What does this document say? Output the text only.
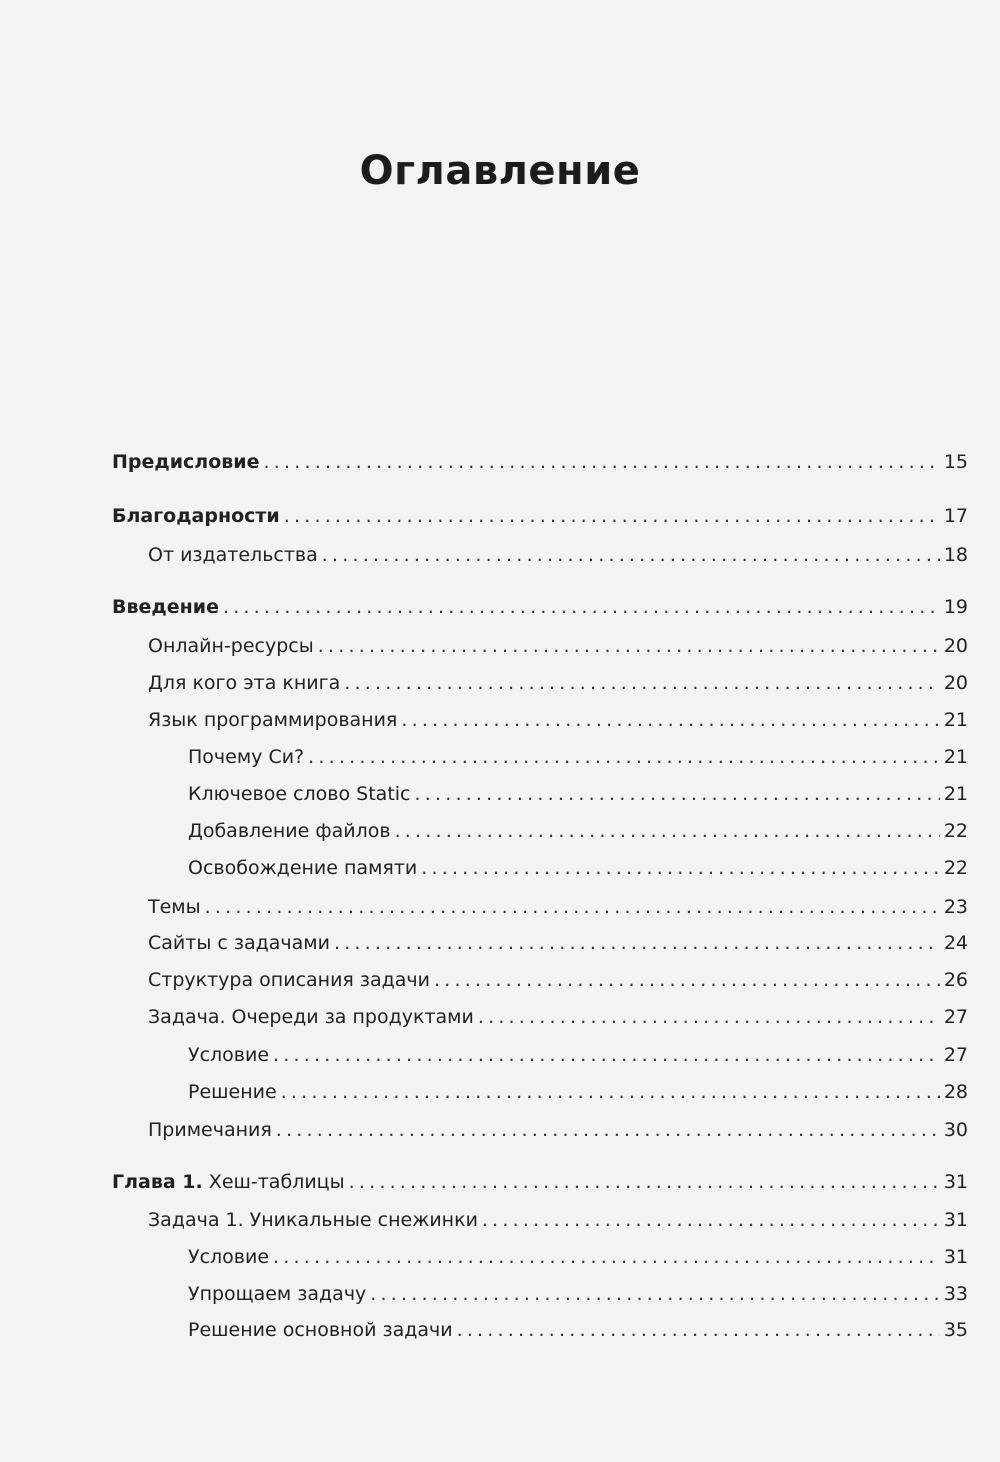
Оглавление
Предисловие .....	15
Благодарности .....	17
От издательства .....	18
Введение .....	19
Онлайн-ресурсы .....	20
Для кого эта книга .....	20
Язык программирования .....	21
Почему Си? .....	21
Ключевое слово Static .....	21
Добавление файлов .....	22
Освобождение памяти .....	22
Темы .....	23
Сайты с задачами .....	24
Структура описания задачи .....	26
Задача. Очереди за продуктами .....	27
Условие .....	27
Решение .....	28
Примечания .....	30
Глава 1. Хеш-таблицы .....	31
Задача 1. Уникальные снежинки .....	31
Условие .....	31
Упрощаем задачу .....	33
Решение основной задачи .....	35
